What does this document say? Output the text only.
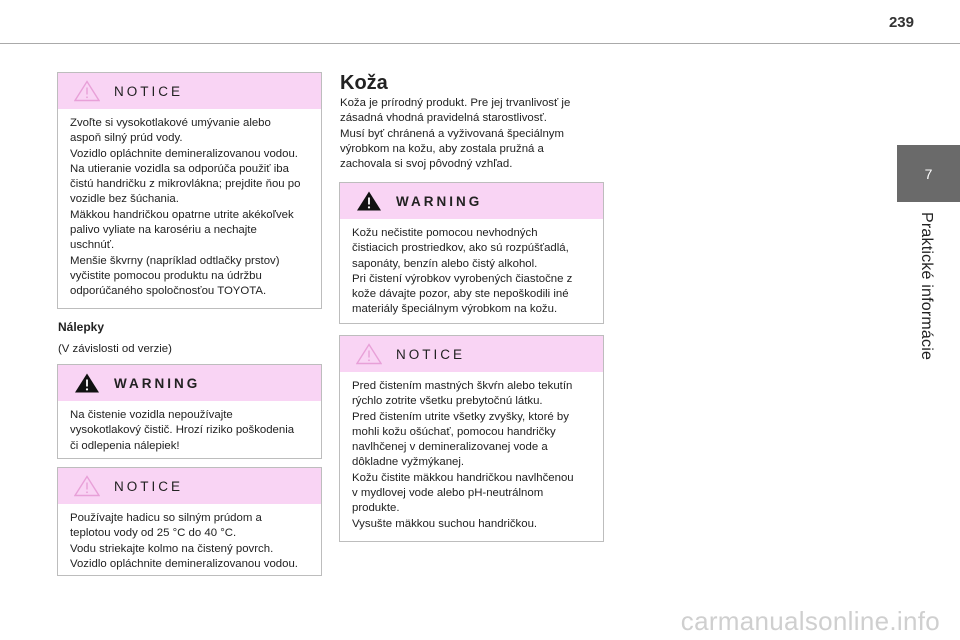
239
7
Praktické informácie
NOTICE

Zvoľte si vysokotlakové umývanie alebo

aspoň silný prúd vody.

Vozidlo opláchnite demineralizovanou vodou.

Na utieranie vozidla sa odporúča použiť iba

čistú handričku z mikrovlákna; prejdite ňou po

vozidle bez šúchania.

Mäkkou handričkou opatrne utrite akékoľvek

palivo vyliate na karosériu a nechajte

uschnúť.

Menšie škvrny (napríklad odtlačky prstov)

vyčistite pomocou produktu na údržbu

odporúčaného spoločnosťou TOYOTA.

Nálepky
(V závislosti od verzie)
WARNING

Na čistenie vozidla nepoužívajte

vysokotlakový čistič. Hrozí riziko poškodenia

či odlepenia nálepiek!

NOTICE

Používajte hadicu so silným prúdom a

teplotou vody od 25 °C do 40 °C.

Vodu striekajte kolmo na čistený povrch.

Vozidlo opláchnite demineralizovanou vodou.

Koža

Koža je prírodný produkt. Pre jej trvanlivosť je

zásadná vhodná pravidelná starostlivosť.

Musí byť chránená a vyživovaná špeciálnym

výrobkom na kožu, aby zostala pružná a

zachovala si svoj pôvodný vzhľad.

WARNING

Kožu nečistite pomocou nevhodných

čistiacich prostriedkov, ako sú rozpúšťadlá,

saponáty, benzín alebo čistý alkohol.

Pri čistení výrobkov vyrobených čiastočne z

kože dávajte pozor, aby ste nepoškodili iné

materiály špeciálnym výrobkom na kožu.

NOTICE

Pred čistením mastných škvŕn alebo tekutín

rýchlo zotrite všetku prebytočnú látku.

Pred čistením utrite všetky zvyšky, ktoré by

mohli kožu ošúchať, pomocou handričky

navlhčenej v demineralizovanej vode a

dôkladne vyžmýkanej.

Kožu čistite mäkkou handričkou navlhčenou

v mydlovej vode alebo pH-neutrálnom

produkte.

Vysušte mäkkou suchou handričkou.

carmanualsonline.info
